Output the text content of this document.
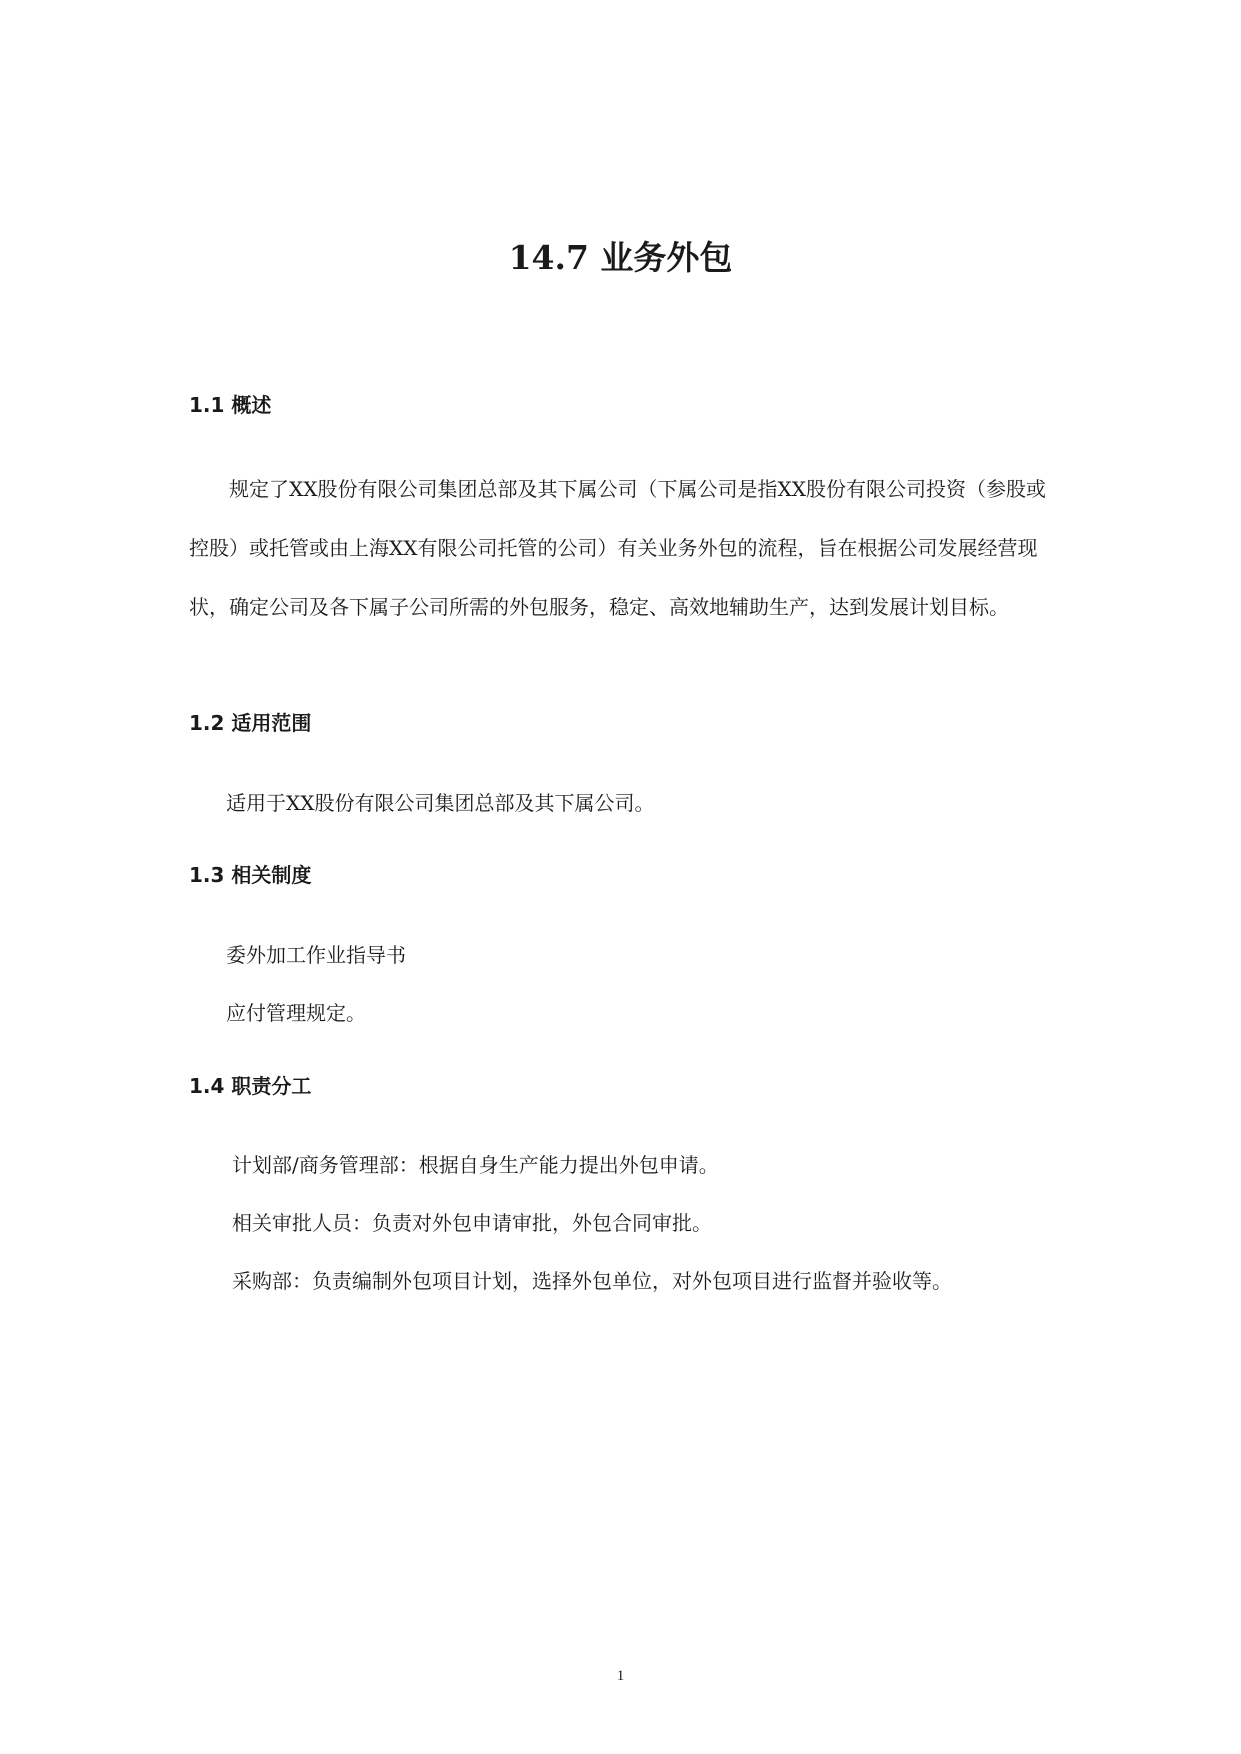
14.7 业务外包
1.1 概述

规定了XX股份有限公司集团总部及其下属公司（下属公司是指XX股份有限公司投资（参股或控股）或托管或由上海XX有限公司托管的公司）有关业务外包的流程，旨在根据公司发展经营现状，确定公司及各下属子公司所需的外包服务，稳定、高效地辅助生产，达到发展计划目标。

1.2 适用范围

适用于XX股份有限公司集团总部及其下属公司。

1.3 相关制度

委外加工作业指导书

应付管理规定。

1.4 职责分工

计划部/商务管理部：根据自身生产能力提出外包申请。

相关审批人员：负责对外包申请审批，外包合同审批。

采购部：负责编制外包项目计划，选择外包单位，对外包项目进行监督并验收等。

1
